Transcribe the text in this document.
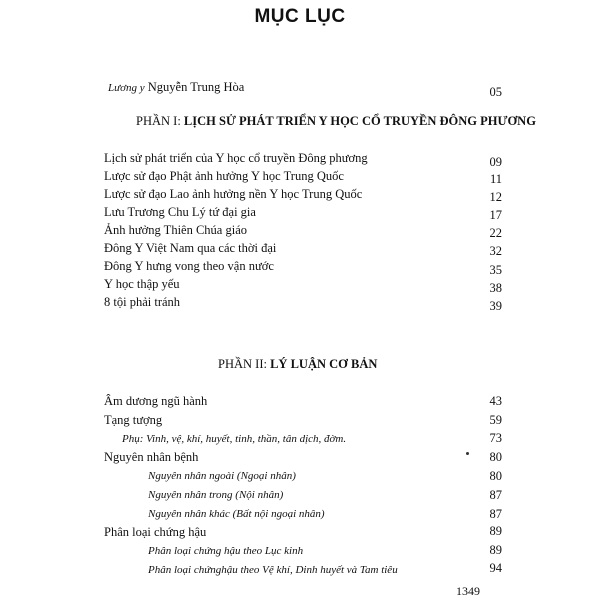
MỤC LỤC
Lương y Nguyễn Trung Hòa	05
PHẦN I: LỊCH SỬ PHÁT TRIỂN Y HỌC CỔ TRUYỀN ĐÔNG PHƯƠNG
Lịch sử phát triển của Y học cổ truyền Đông phương	09
Lược sử đạo Phật ảnh hưởng Y học Trung Quốc	11
Lược sử đạo Lao ảnh hưởng nền Y học Trung Quốc	12
Lưu Trương Chu Lý tứ đại gia	17
Ảnh hưởng Thiên Chúa giáo	22
Đông Y Việt Nam qua các thời đại	32
Đông Y hưng vong theo vận nước	35
Y học thập yếu	38
8 tội phải tránh	39
PHẦN II: LÝ LUẬN CƠ BẢN
Âm dương ngũ hành	43
Tạng tượng	59
Phụ: Vinh, vệ, khí, huyết, tinh, thần, tân dịch, đờm.	73
Nguyên nhân bệnh	80
Nguyên nhân ngoài (Ngoại nhân)	80
Nguyên nhân trong (Nội nhân)	87
Nguyên nhân khác (Bất nội ngoại nhân)	87
Phân loại chứng hậu	89
Phân loại chứng hậu theo Lục kinh	89
Phân loại chứnghậu theo Vệ khí, Dinh huyết và Tam tiêu	94
1349
